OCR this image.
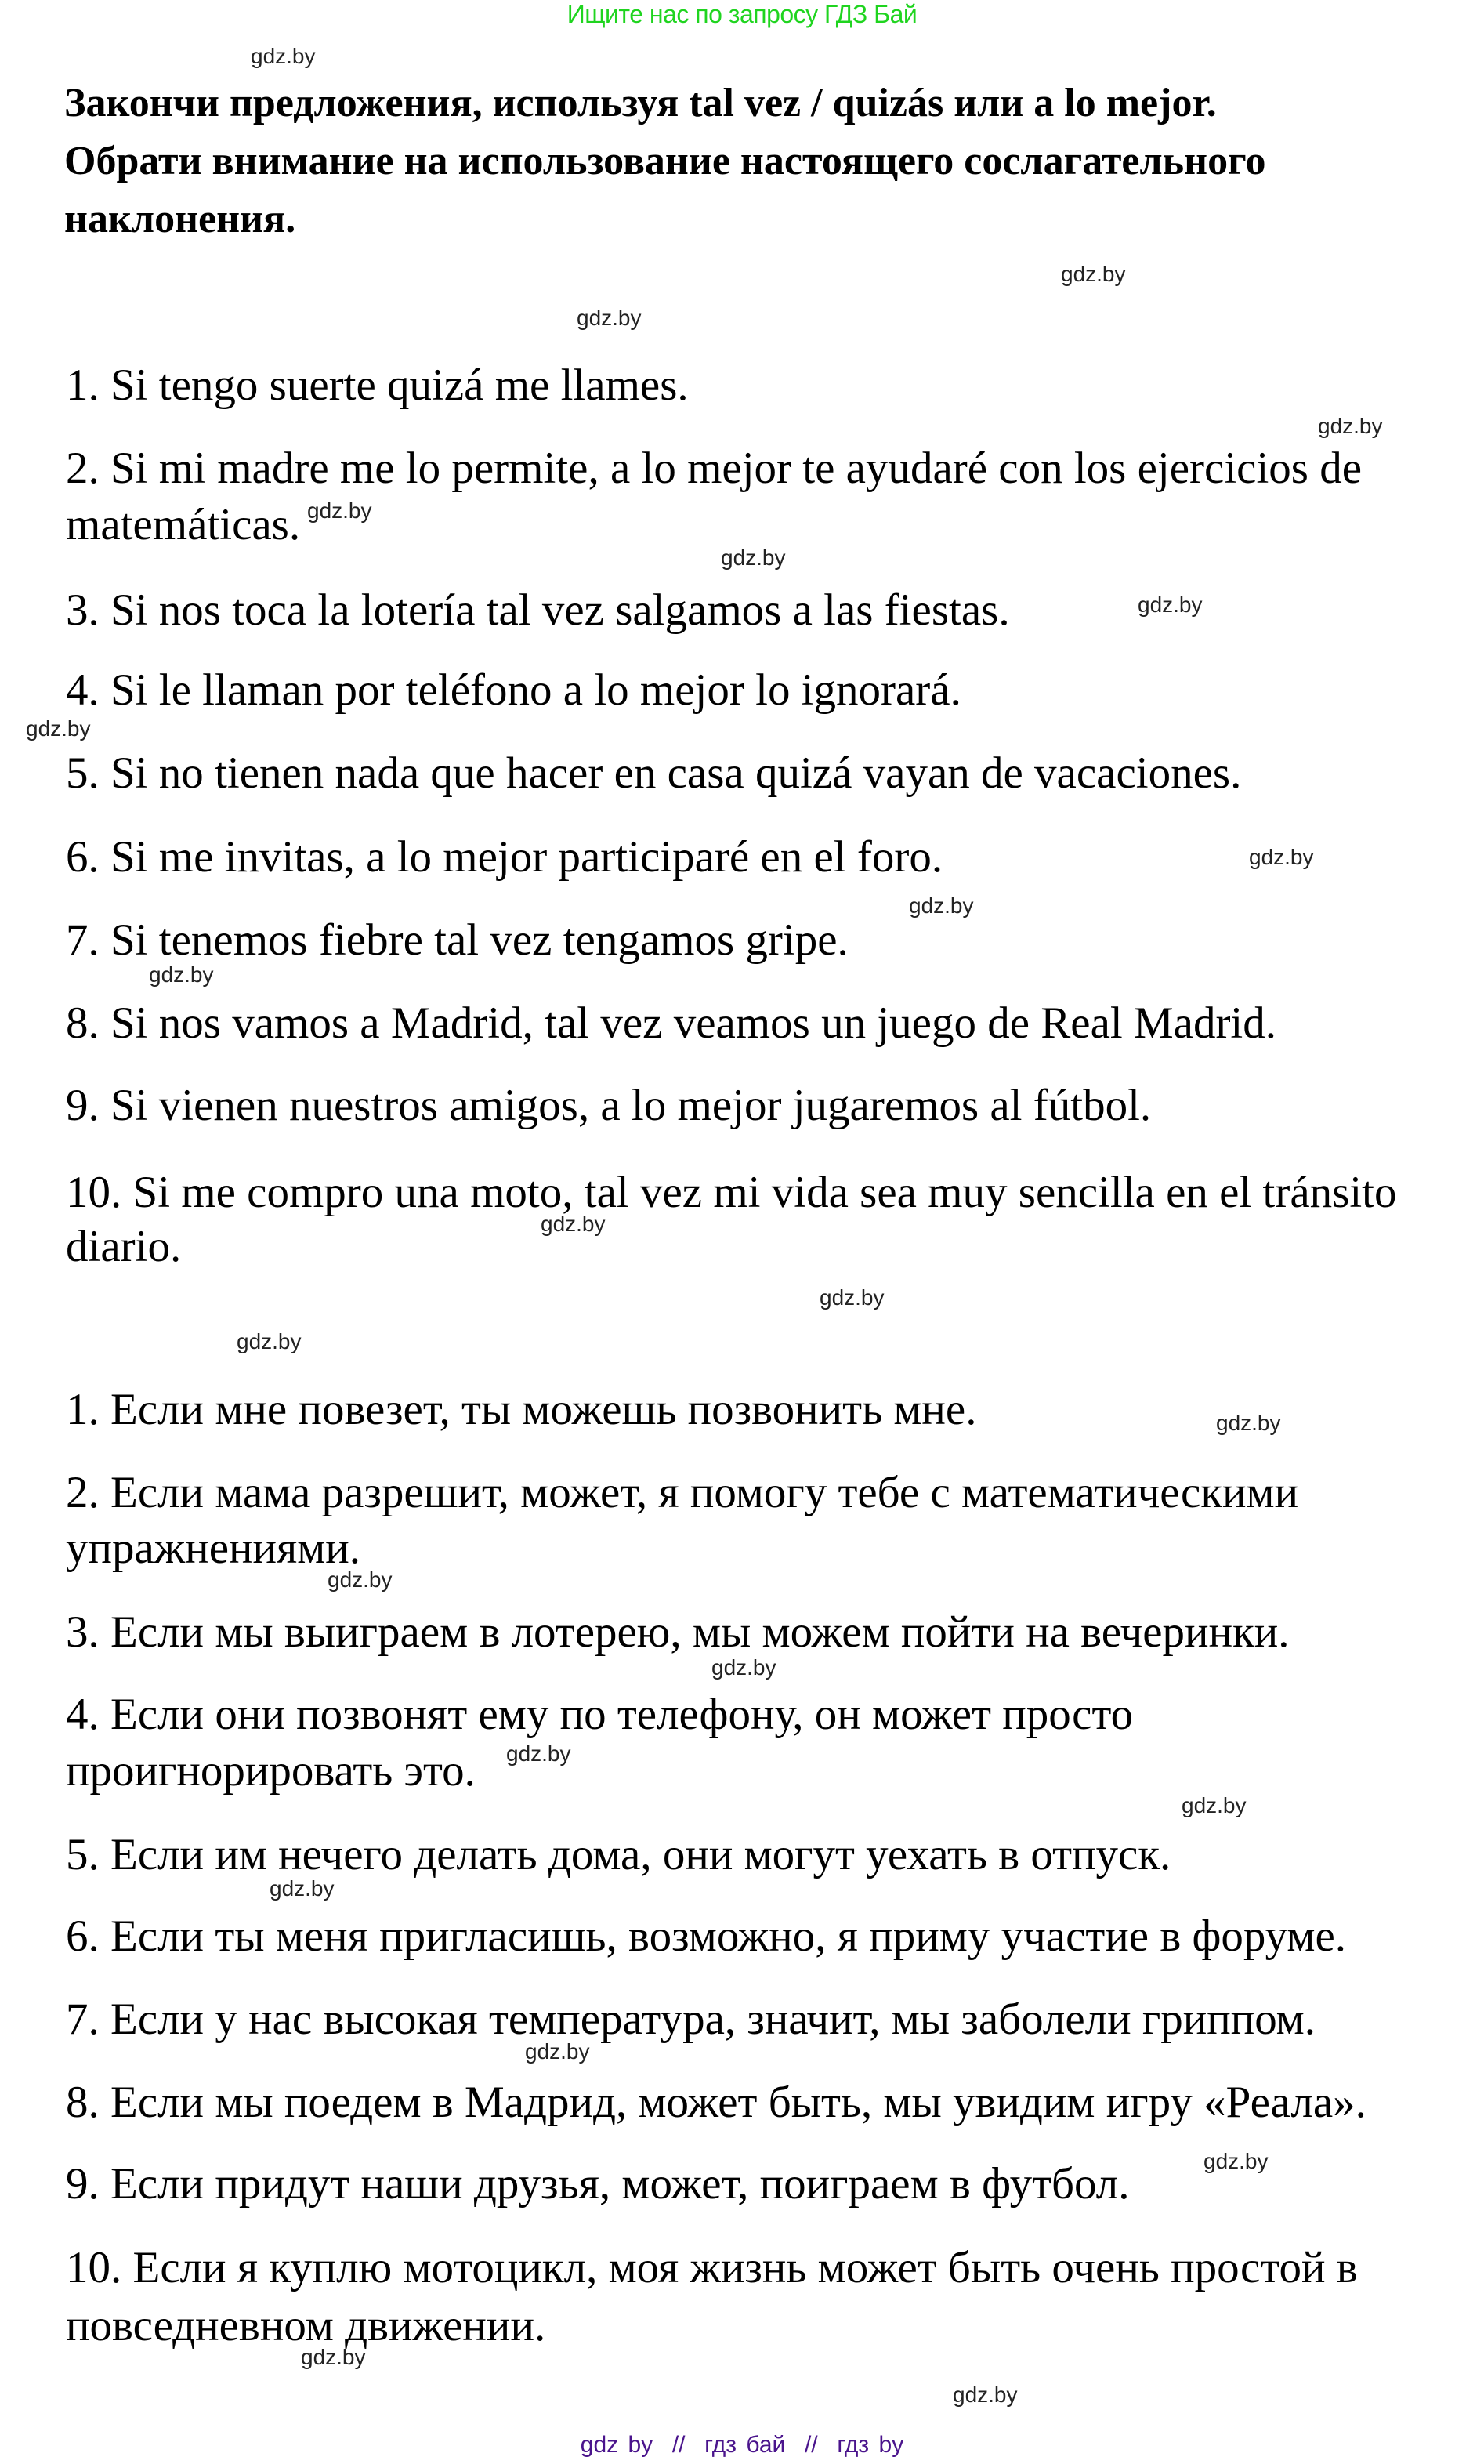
Ищите нас по запросу ГДЗ Бай
Закончи предложения, используя tal vez / quizás или a lo mejor.
Обрати внимание на использование настоящего сослагательного
наклонения.
1. Si tengo suerte quizá me llames.
2. Si mi madre me lo permite, a lo mejor te ayudaré con los ejercicios de
matemáticas.
3. Si nos toca la lotería tal vez salgamos a las fiestas.
4. Si le llaman por teléfono a lo mejor lo ignorará.
5. Si no tienen nada que hacer en casa quizá vayan de vacaciones.
6. Si me invitas, a lo mejor participaré en el foro.
7. Si tenemos fiebre tal vez tengamos gripe.
8. Si nos vamos a Madrid, tal vez veamos un juego de Real Madrid.
9. Si vienen nuestros amigos, a lo mejor jugaremos al fútbol.
10. Si me compro una moto, tal vez mi vida sea muy sencilla en el tránsito
diario.
1. Если мне повезет, ты можешь позвонить мне.
2. Если мама разрешит, может, я помогу тебе с математическими
упражнениями.
3. Если мы выиграем в лотерею, мы можем пойти на вечеринки.
4. Если они позвонят ему по телефону, он может просто
проигнорировать это.
5. Если им нечего делать дома, они могут уехать в отпуск.
6. Если ты меня пригласишь, возможно, я приму участие в форуме.
7. Если у нас высокая температура, значит, мы заболели гриппом.
8. Если мы поедем в Мадрид, может быть, мы увидим игру «Реала».
9. Если придут наши друзья, может, поиграем в футбол.
10. Если я куплю мотоцикл, моя жизнь может быть очень простой в
повседневном движении.
gdz.by
gdz.by
gdz.by
gdz.by
gdz.by
gdz.by
gdz.by
gdz.by
gdz.by
gdz.by
gdz.by
gdz.by
gdz.by
gdz.by
gdz.by
gdz.by
gdz.by
gdz.by
gdz.by
gdz.by
gdz.by
gdz.by
gdz.by
gdz.by
gdz by  //  гдз бай  //  гдз by
